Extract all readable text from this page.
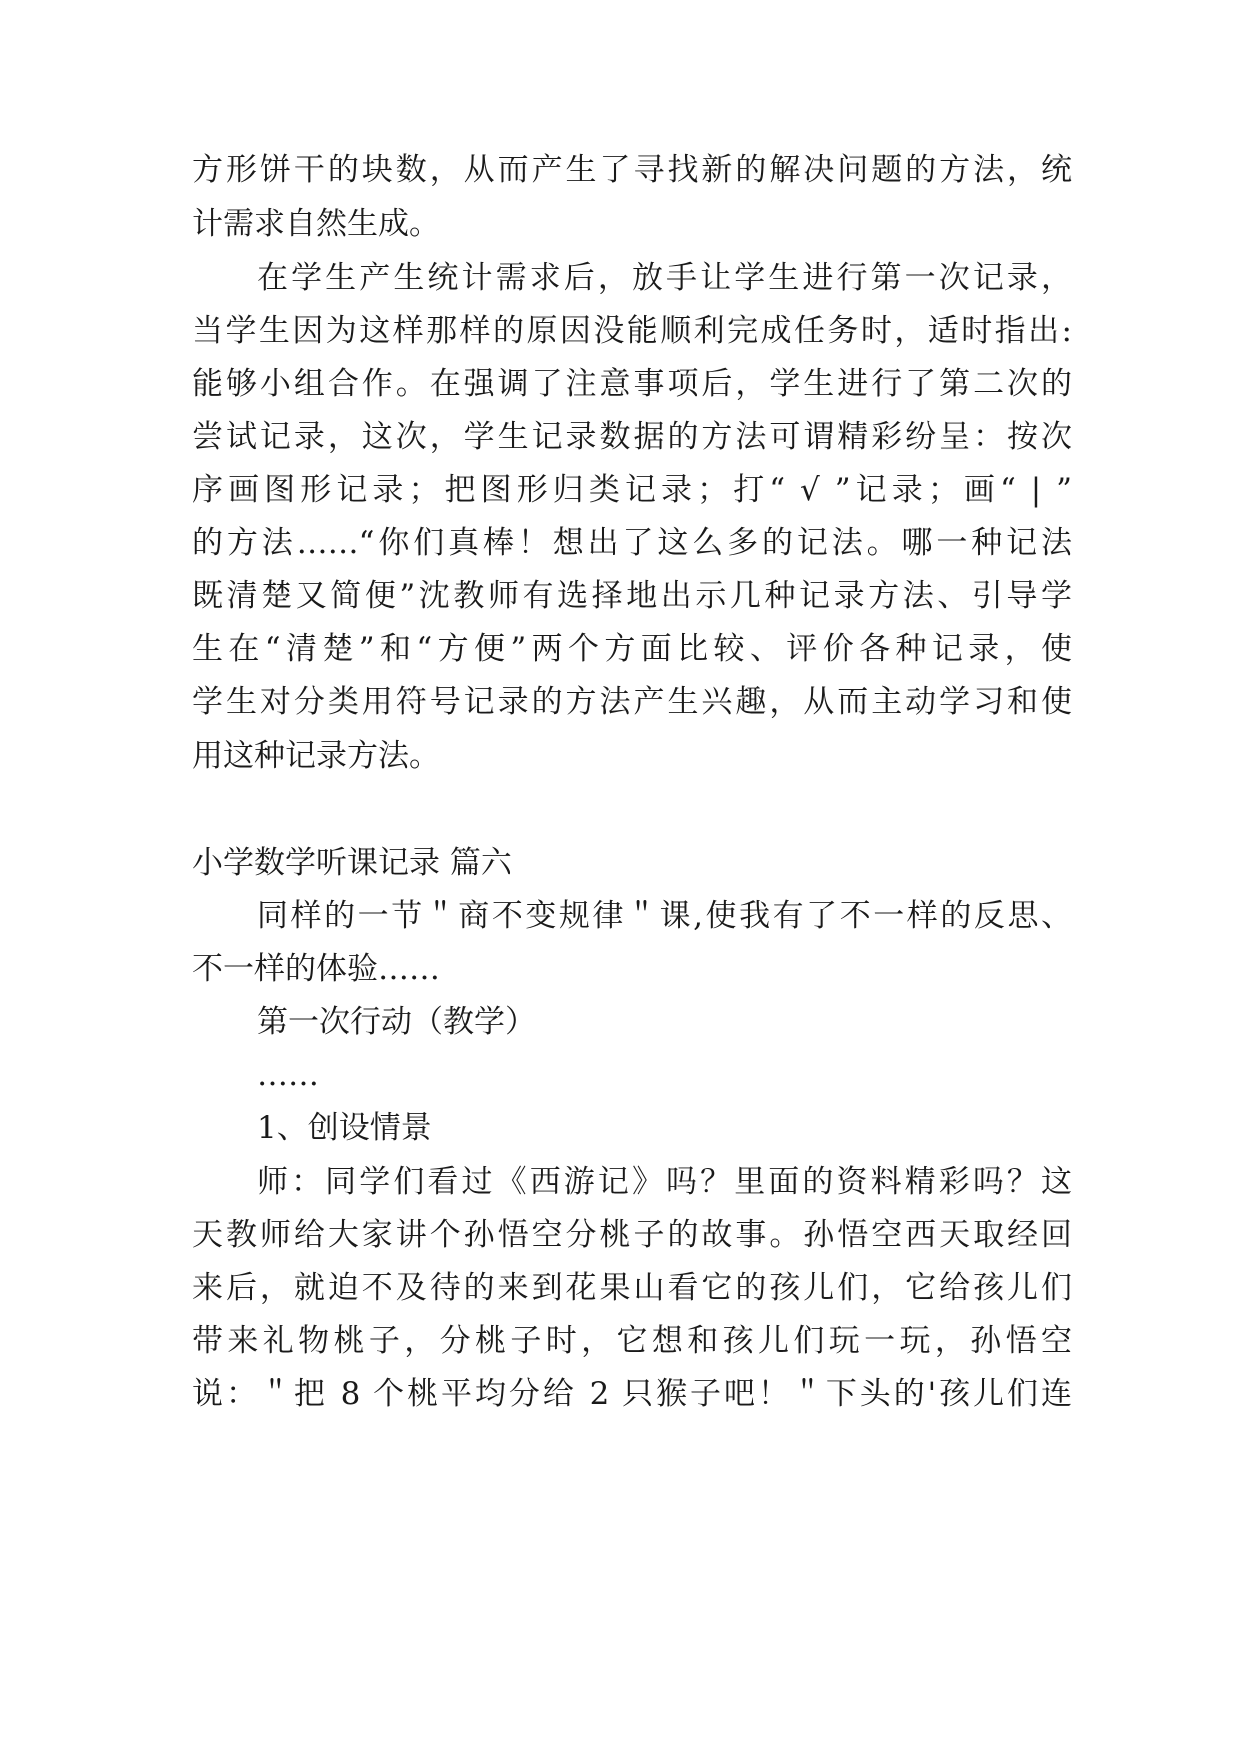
方形饼干的块数，从而产生了寻找新的解决问题的方法，统
计需求自然生成。
在学生产生统计需求后，放手让学生进行第一次记录，
当学生因为这样那样的原因没能顺利完成任务时，适时指出:
能够小组合作。在强调了注意事项后，学生进行了第二次的
尝试记录，这次，学生记录数据的方法可谓精彩纷呈：按次
序画图形记录；把图形归类记录；打“ √ ”记录；画“ | ”
的方法……“你们真棒！想出了这么多的记法。哪一种记法
既清楚又简便”沈教师有选择地出示几种记录方法、引导学
生在“清楚”和“方便”两个方面比较、评价各种记录，使
学生对分类用符号记录的方法产生兴趣，从而主动学习和使
用这种记录方法。
小学数学听课记录 篇六
同样的一节＂商不变规律＂课,使我有了不一样的反思、
不一样的体验……
第一次行动（教学）
……
1、创设情景
师：同学们看过《西游记》吗？里面的资料精彩吗？这
天教师给大家讲个孙悟空分桃子的故事。孙悟空西天取经回
来后，就迫不及待的来到花果山看它的孩儿们，它给孩儿们
带来礼物桃子，分桃子时，它想和孩儿们玩一玩，孙悟空
说：＂把 8 个桃平均分给 2 只猴子吧！＂下头的'孩儿们连
